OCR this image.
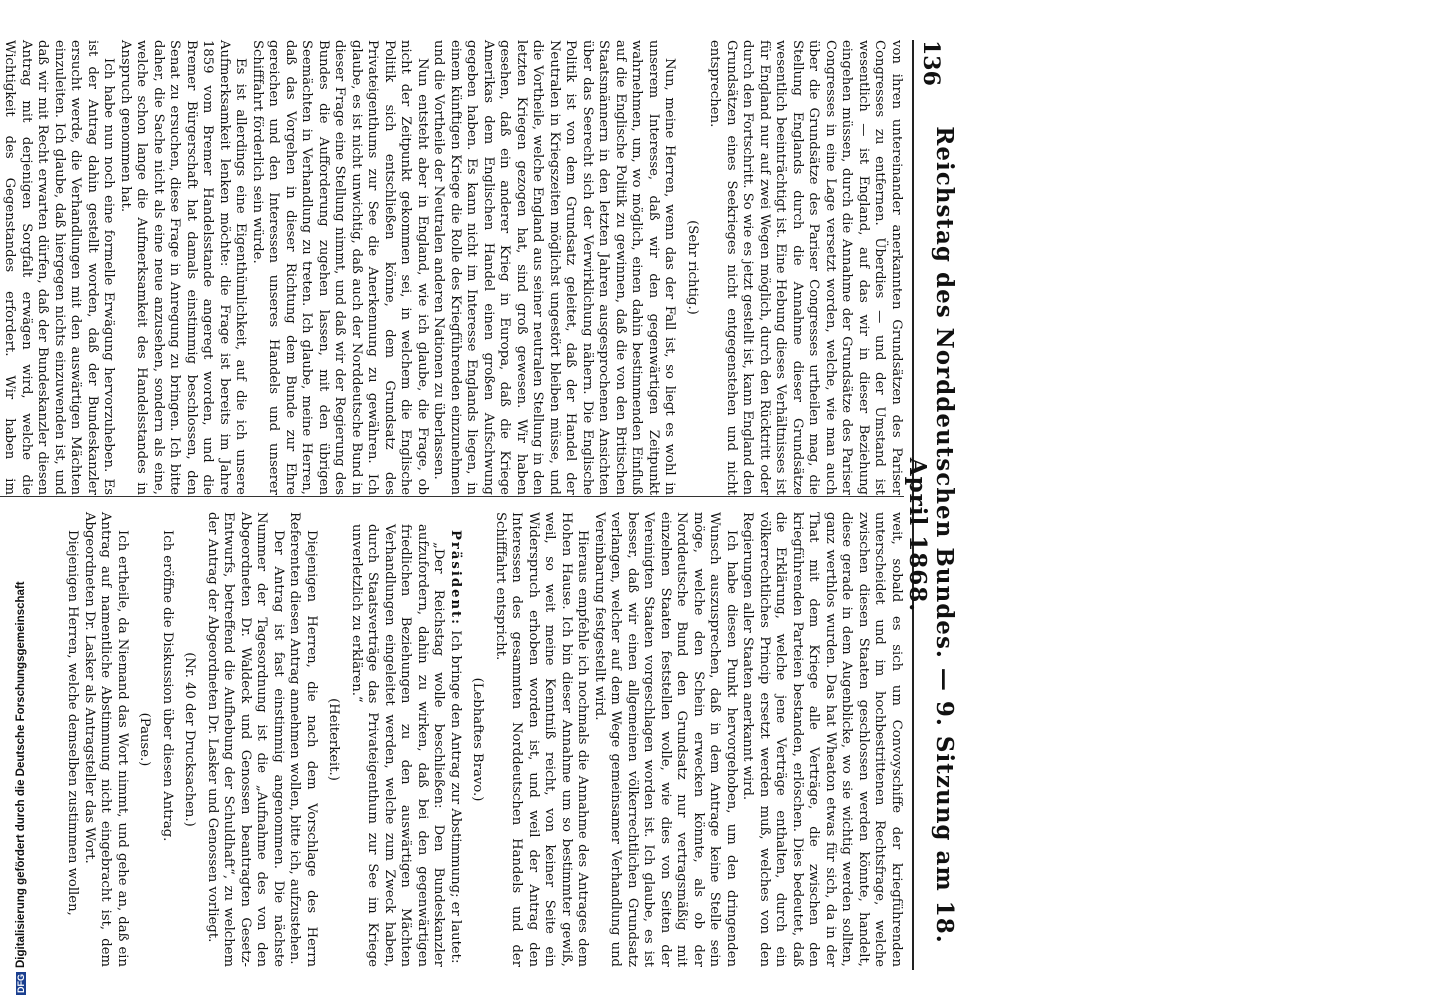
136
Reichstag des Norddeutschen Bundes. — 9. Sitzung am 18. April 1868.

von ihren untereinander anerkannten Grundsätzen des Pariser Congresses zu entfernen. Überdies — und der Umstand ist wesentlich — ist England, auf das wir in dieser Beziehung eingehen müssen, durch die Annahme der Grundsätze des Pariser Congresses in eine Lage versetzt worden, welche, wie man auch über die Grundsätze des Pariser Congresses urtheilen mag, die Stellung Englands durch die Annahme dieser Grundsätze wesentlich beeinträchtigt ist. Eine Hebung dieses Verhältnisses ist für England nur auf zwei Wegen möglich, durch den Rücktritt oder durch den Fortschritt. So wie es jetzt gestellt ist, kann England den Grundsätzen eines Seekrieges nicht entgegenstehen und nicht entsprechen.

(Sehr richtig.)

Nun, meine Herren, wenn das der Fall ist, so liegt es wohl in unserem Interesse, daß wir den gegenwärtigen Zeitpunkt wahrnehmen, um, wo möglich, einen dahin bestimmenden Einfluß auf die Englische Politik zu gewinnen, daß die von den Britischen Staatsmännern in den letzten Jahren ausgesprochenen Ansichten über das Seerecht sich der Verwirklichung nähern. Die Englische Politik ist von dem Grundsatz geleitet, daß der Handel der Neutralen in Kriegszeiten möglichst ungestört bleiben müsse, und die Vortheile, welche England aus seiner neutralen Stellung in den letzten Kriegen gezogen hat, sind groß gewesen. Wir haben gesehen, daß ein anderer Krieg in Europa, daß die Kriege Amerikas dem Englischen Handel einen großen Aufschwung gegeben haben. Es kann nicht im Interesse Englands liegen, in einem künftigen Kriege die Rolle des Kriegführenden einzunehmen und die Vortheile der Neutralen anderen Nationen zu überlassen.

Nun entsteht aber in England, wie ich glaube, die Frage, ob nicht der Zeitpunkt gekommen sei, in welchem die Englische Politik sich entschließen könne, dem Grundsatz des Privateigenthums zur See die Anerkennung zu gewähren. Ich glaube, es ist nicht unwichtig, daß auch der Norddeutsche Bund in dieser Frage eine Stellung nimmt, und daß wir der Regierung des Bundes die Aufforderung zugehen lassen, mit den übrigen Seemächten in Verhandlung zu treten. Ich glaube, meine Herren, daß das Vorgehen in dieser Richtung dem Bunde zur Ehre gereichen und den Interessen unseres Handels und unserer Schifffahrt förderlich sein würde.

Es ist allerdings eine Eigenthümlichkeit, auf die ich unsere Aufmerksamkeit lenken möchte: die Frage ist bereits im Jahre 1859 vom Bremer Handelsstande angeregt worden, und die Bremer Bürgerschaft hat damals einstimmig beschlossen, den Senat zu ersuchen, diese Frage in Anregung zu bringen. Ich bitte daher, die Sache nicht als eine neue anzusehen, sondern als eine, welche schon lange die Aufmerksamkeit des Handelsstandes in Anspruch genommen hat.

Ich habe nun noch eine formelle Erwägung hervorzuheben. Es ist der Antrag dahin gestellt worden, daß der Bundeskanzler ersucht werde, die Verhandlungen mit den auswärtigen Mächten einzuleiten. Ich glaube, daß hiergegen nichts einzuwenden ist, und daß wir mit Recht erwarten dürfen, daß der Bundeskanzler diesen Antrag mit derjenigen Sorgfalt erwägen wird, welche die Wichtigkeit des Gegenstandes erfordert. Wir haben im

weit, sobald es sich um Convoyschiffe der kriegführenden unterscheidet und im hochbestrittenen Rechtsfrage, welche zwischen diesen Staaten geschlossen werden könnte, handelt, diese gerade in dem Augenblicke, wo sie wichtig werden sollten, ganz werthlos wurden. Das hat Wheaton etwas für sich, da in der That mit dem Kriege alle Verträge, die zwischen den kriegführenden Parteien bestanden, erlöschen. Dies bedeutet, daß die Erklärung, welche jene Verträge enthalten, durch ein völkerrechtliches Princip ersetzt werden muß, welches von den Regierungen aller Staaten anerkannt wird.

Ich habe diesen Punkt hervorgehoben, um den dringenden Wunsch auszusprechen, daß in dem Antrage keine Stelle sein möge, welche den Schein erwecken könnte, als ob der Norddeutsche Bund den Grundsatz nur vertragsmäßig mit einzelnen Staaten feststellen wolle, wie dies von Seiten der Vereinigten Staaten vorgeschlagen worden ist. Ich glaube, es ist besser, daß wir einen allgemeinen völkerrechtlichen Grundsatz verlangen, welcher auf dem Wege gemeinsamer Verhandlung und Vereinbarung festgestellt wird.

Hieraus empfehle ich nochmals die Annahme des Antrages dem Hohen Hause. Ich bin dieser Annahme um so bestimmter gewiß, weil, so weit meine Kenntniß reicht, von keiner Seite ein Widerspruch erhoben worden ist, und weil der Antrag den Interessen des gesammten Norddeutschen Handels und der Schifffahrt entspricht.

(Lebhaftes Bravo.)

Präsident: Ich bringe den Antrag zur Abstimmung; er lautet:

„Der Reichstag wolle beschließen: Den Bundeskanzler aufzufordern, dahin zu wirken, daß bei den gegenwärtigen friedlichen Beziehungen zu den auswärtigen Mächten Verhandlungen eingeleitet werden, welche zum Zweck haben, durch Staatsverträge das Privateigenthum zur See im Kriege unverletzlich zu erklären.“

(Heiterkeit.)

Diejenigen Herren, die nach dem Vorschlage des Herrn Referenten diesen Antrag annehmen wollen, bitte ich, aufzustehen.

Der Antrag ist fast einstimmig angenommen. Die nächste Nummer der Tagesordnung ist die „Aufnahme des von den Abgeordneten Dr. Waldeck und Genossen beantragten Gesetz-Entwurfs, betreffend die Aufhebung der Schuldhaft“, zu welchem der Antrag der Abgeordneten Dr. Lasker und Genossen vorliegt.

(Nr. 40 der Drucksachen.)

Ich eröffne die Diskussion über diesen Antrag.

(Pause.)

Ich ertheile, da Niemand das Wort nimmt, und gehe an, daß ein Antrag auf namentliche Abstimmung nicht eingebracht ist, dem Abgeordneten Dr. Lasker als Antragsteller das Wort.

Diejenigen Herren, welche demselben zustimmen wollen,

DFGDigitalisierung gefördert durch die Deutsche Forschungsgemeinschaft
